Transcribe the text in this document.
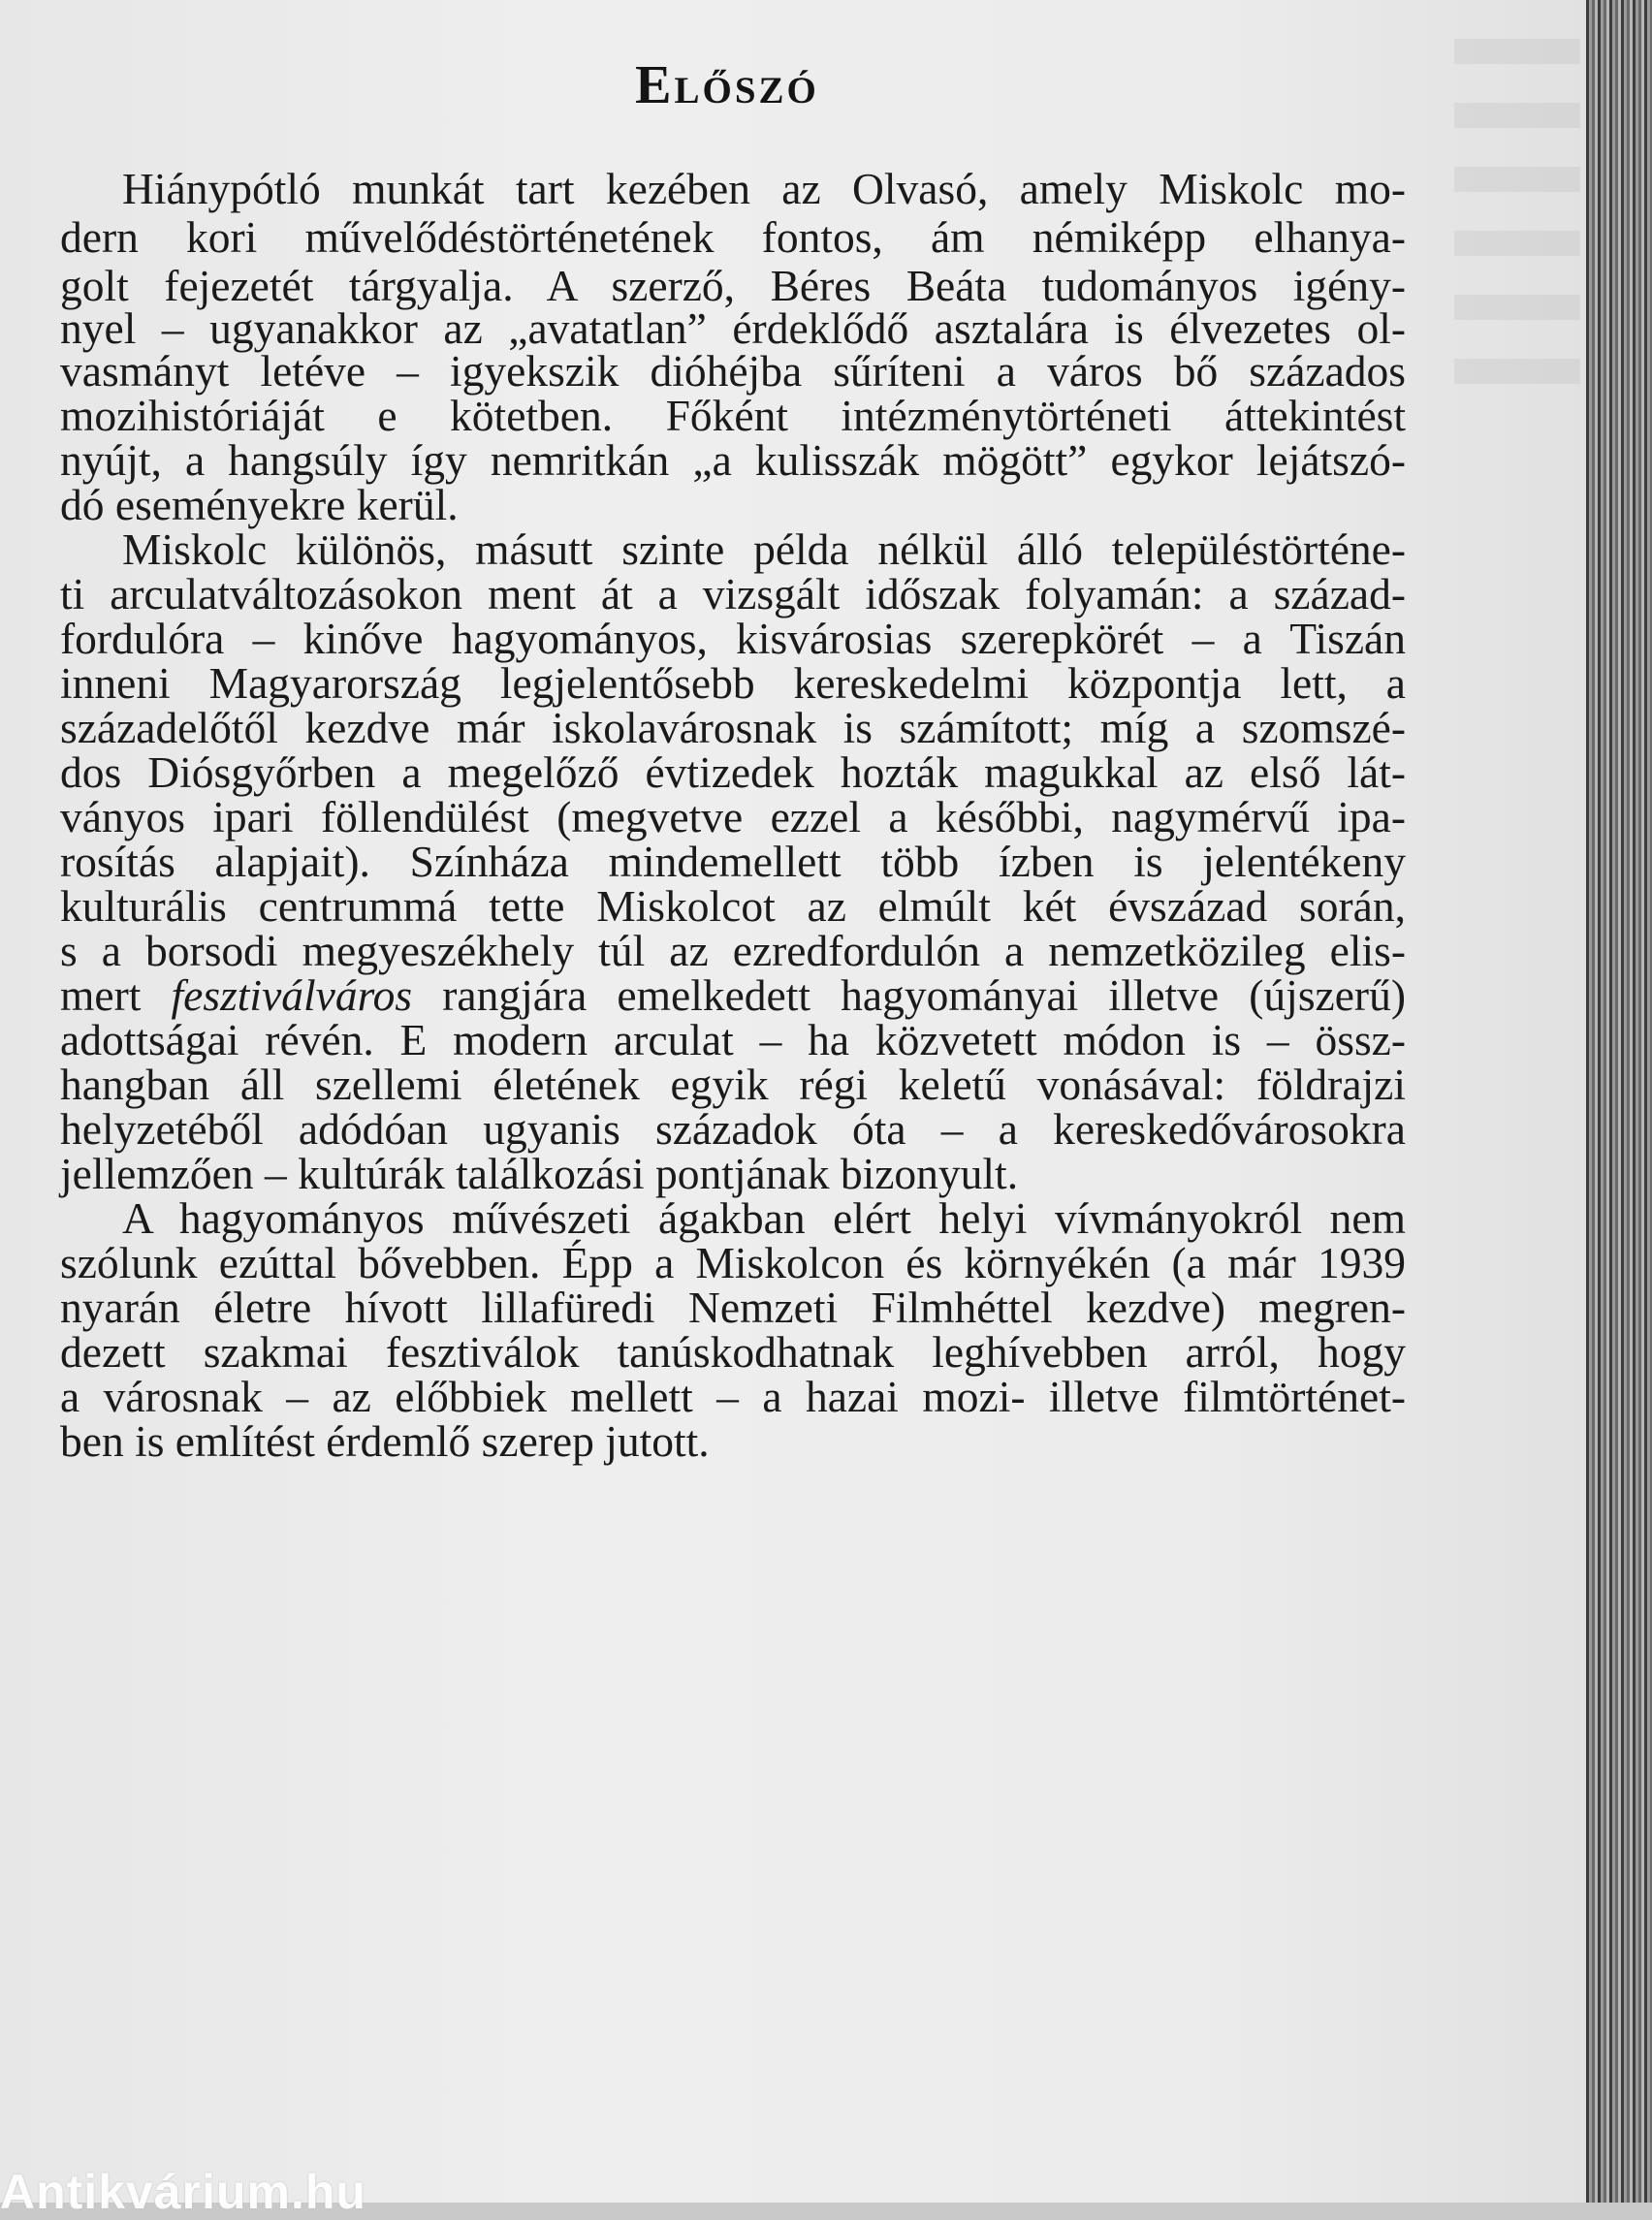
Előszó

Hiánypótló munkát tart kezében az Olvasó, amely Miskolc mo-

dern kori művelődéstörténetének fontos, ám némiképp elhanya-

golt fejezetét tárgyalja. A szerző, Béres Beáta tudományos igény-

nyel – ugyanakkor az „avatatlan” érdeklődő asztalára is élvezetes ol-

vasmányt letéve – igyekszik dióhéjba sűríteni a város bő százados

mozihistóriáját e kötetben. Főként intézménytörténeti áttekintést

nyújt, a hangsúly így nemritkán „a kulisszák mögött” egykor lejátszó-

dó eseményekre kerül.

Miskolc különös, másutt szinte példa nélkül álló településtörténe-

ti arculatváltozásokon ment át a vizsgált időszak folyamán: a század-

fordulóra – kinőve hagyományos, kisvárosias szerepkörét – a Tiszán

inneni Magyarország legjelentősebb kereskedelmi központja lett, a

századelőtől kezdve már iskolavárosnak is számított; míg a szomszé-

dos Diósgyőrben a megelőző évtizedek hozták magukkal az első lát-

ványos ipari föllendülést (megvetve ezzel a későbbi, nagymérvű ipa-

rosítás alapjait). Színháza mindemellett több ízben is jelentékeny

kulturális centrummá tette Miskolcot az elmúlt két évszázad során,

s a borsodi megyeszékhely túl az ezredfordulón a nemzetközileg elis-

mert fesztiválváros rangjára emelkedett hagyományai illetve (újszerű)

adottságai révén. E modern arculat – ha közvetett módon is – össz-

hangban áll szellemi életének egyik régi keletű vonásával: földrajzi

helyzetéből adódóan ugyanis századok óta – a kereskedővárosokra

jellemzően – kultúrák találkozási pontjának bizonyult.

A hagyományos művészeti ágakban elért helyi vívmányokról nem

szólunk ezúttal bővebben. Épp a Miskolcon és környékén (a már 1939

nyarán életre hívott lillafüredi Nemzeti Filmhéttel kezdve) megren-

dezett szakmai fesztiválok tanúskodhatnak leghívebben arról, hogy

a városnak – az előbbiek mellett – a hazai mozi- illetve filmtörténet-

ben is említést érdemlő szerep jutott.

Antikvárium.hu
